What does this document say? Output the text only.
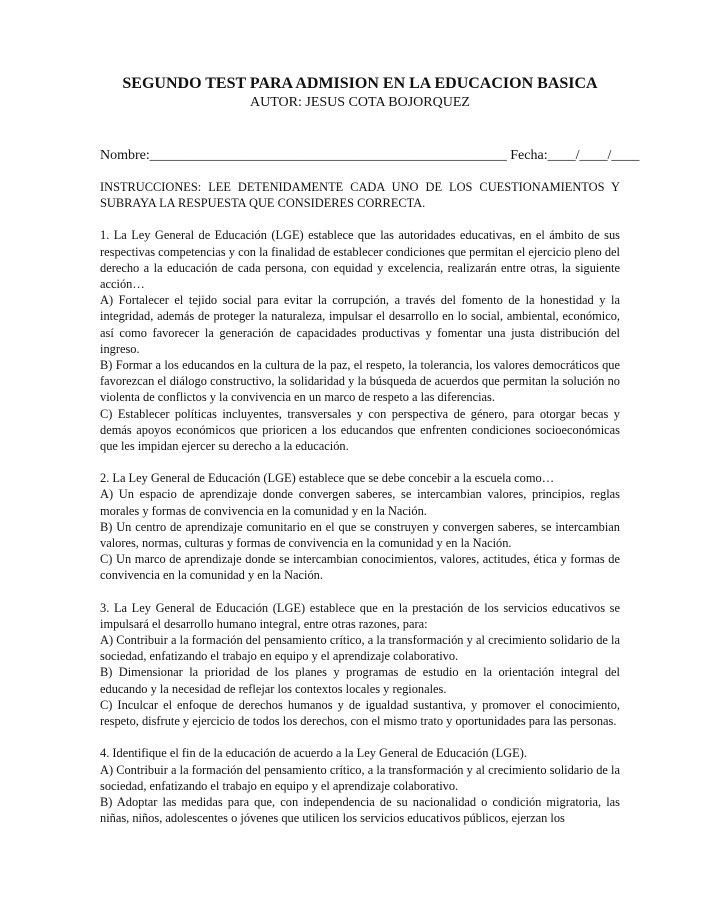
SEGUNDO TEST PARA ADMISION EN LA EDUCACION BASICA

AUTOR: JESUS COTA BOJORQUEZ

Nombre:___________________________________________________ Fecha:____/____/____
INSTRUCCIONES: LEE DETENIDAMENTE CADA UNO DE LOS CUESTIONAMIENTOS Y SUBRAYA LA RESPUESTA QUE CONSIDERES CORRECTA.

1. La Ley General de Educación (LGE) establece que las autoridades educativas, en el ámbito de sus respectivas competencias y con la finalidad de establecer condiciones que permitan el ejercicio pleno del derecho a la educación de cada persona, con equidad y excelencia, realizarán entre otras, la siguiente acción…

A) Fortalecer el tejido social para evitar la corrupción, a través del fomento de la honestidad y la integridad, además de proteger la naturaleza, impulsar el desarrollo en lo social, ambiental, económico, así como favorecer la generación de capacidades productivas y fomentar una justa distribución del ingreso.

B) Formar a los educandos en la cultura de la paz, el respeto, la tolerancia, los valores democráticos que favorezcan el diálogo constructivo, la solidaridad y la búsqueda de acuerdos que permitan la solución no violenta de conflictos y la convivencia en un marco de respeto a las diferencias.

C) Establecer políticas incluyentes, transversales y con perspectiva de género, para otorgar becas y demás apoyos económicos que prioricen a los educandos que enfrenten condiciones socioeconómicas que les impidan ejercer su derecho a la educación.

2. La Ley General de Educación (LGE) establece que se debe concebir a la escuela como…

A) Un espacio de aprendizaje donde convergen saberes, se intercambian valores, principios, reglas morales y formas de convivencia en la comunidad y en la Nación.

B) Un centro de aprendizaje comunitario en el que se construyen y convergen saberes, se intercambian valores, normas, culturas y formas de convivencia en la comunidad y en la Nación.

C) Un marco de aprendizaje donde se intercambian conocimientos, valores, actitudes, ética y formas de convivencia en la comunidad y en la Nación.

3. La Ley General de Educación (LGE) establece que en la prestación de los servicios educativos se impulsará el desarrollo humano integral, entre otras razones, para:

A) Contribuir a la formación del pensamiento crítico, a la transformación y al crecimiento solidario de la sociedad, enfatizando el trabajo en equipo y el aprendizaje colaborativo.

B) Dimensionar la prioridad de los planes y programas de estudio en la orientación integral del educando y la necesidad de reflejar los contextos locales y regionales.

C) Inculcar el enfoque de derechos humanos y de igualdad sustantiva, y promover el conocimiento, respeto, disfrute y ejercicio de todos los derechos, con el mismo trato y oportunidades para las personas.

4. Identifique el fin de la educación de acuerdo a la Ley General de Educación (LGE).

A) Contribuir a la formación del pensamiento crítico, a la transformación y al crecimiento solidario de la sociedad, enfatizando el trabajo en equipo y el aprendizaje colaborativo.

B) Adoptar las medidas para que, con independencia de su nacionalidad o condición migratoria, las niñas, niños, adolescentes o jóvenes que utilicen los servicios educativos públicos, ejerzan los
